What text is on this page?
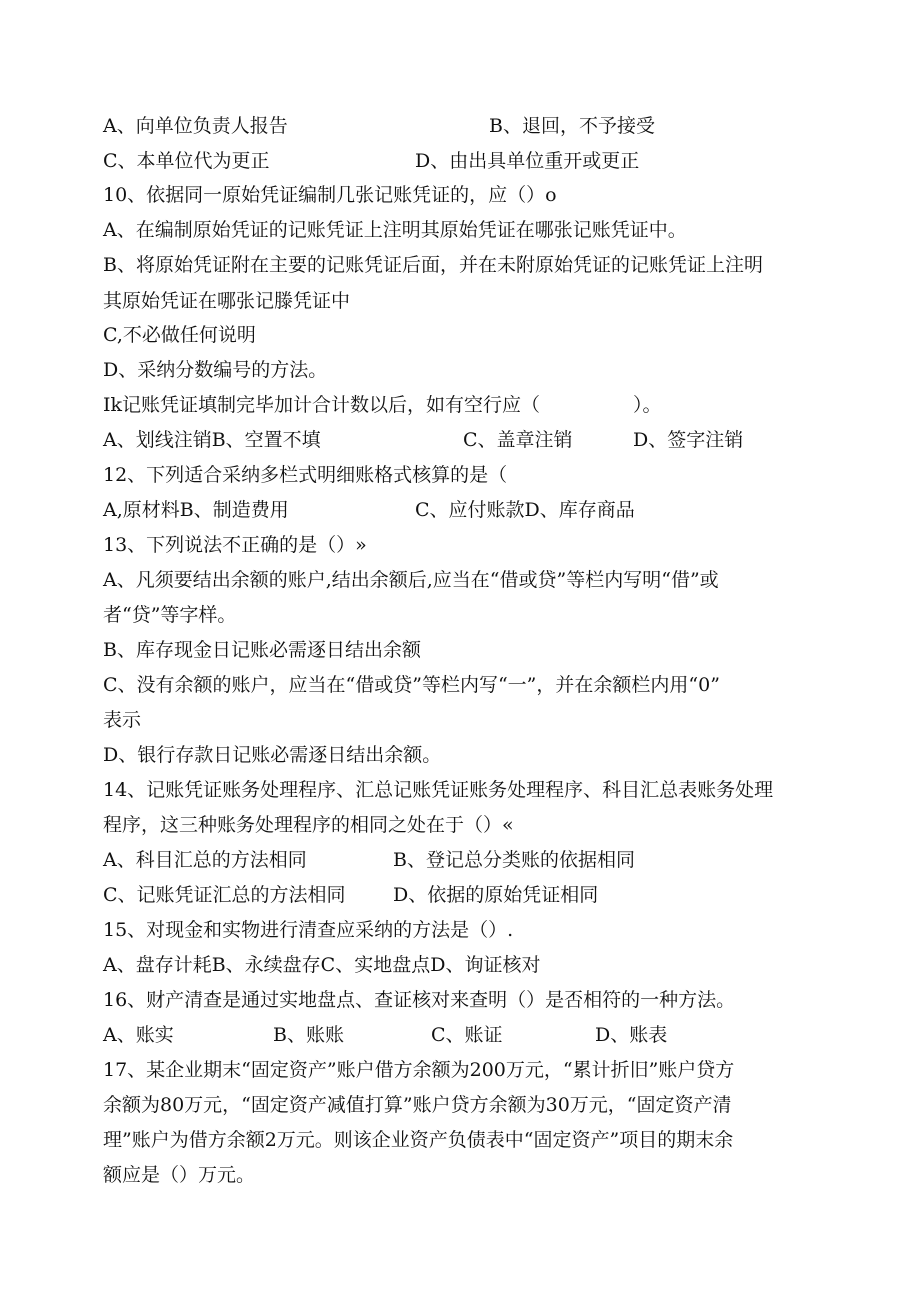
A、向单位负责人报告	B、退回，不予接受
C、本单位代为更正	D、由出具单位重开或更正
10、依据同一原始凭证编制几张记账凭证的，应（）o
A、在编制原始凭证的记账凭证上注明其原始凭证在哪张记账凭证中。
B、将原始凭证附在主要的记账凭证后面，并在未附原始凭证的记账凭证上注明
其原始凭证在哪张记滕凭证中
C,不必做任何说明
D、采纳分数编号的方法。
Ik记账凭证填制完毕加计合计数以后，如有空行应（	）。
A、划线注销B、空置不填	C、盖章注销	D、签字注销
12、下列适合采纳多栏式明细账格式核算的是（
A,原材料B、制造费用	C、应付账款D、库存商品
13、下列说法不正确的是（）»
A、凡须要结出余额的账户,结出余额后,应当在“借或贷”等栏内写明“借”或
者“贷”等字样。
B、库存现金日记账必需逐日结出余额
C、没有余额的账户，应当在“借或贷”等栏内写“一”，并在余额栏内用“0”
表示
D、银行存款日记账必需逐日结出余额。
14、记账凭证账务处理程序、汇总记账凭证账务处理程序、科目汇总表账务处理
程序，这三种账务处理程序的相同之处在于（）«
A、科目汇总的方法相同	B、登记总分类账的依据相同
C、记账凭证汇总的方法相同 D、依据的原始凭证相同
15、对现金和实物进行清查应采纳的方法是（）.
A、盘存计耗B、永续盘存C、实地盘点D、询证核对
16、财产清查是通过实地盘点、查证核对来查明（）是否相符的一种方法。
A、账实	B、账账	C、账证	D、账表
17、某企业期末“固定资产”账户借方余额为200万元，“累计折旧”账户贷方
余额为80万元，“固定资产减值打算”账户贷方余额为30万元，“固定资产清
理”账户为借方余额2万元。则该企业资产负债表中“固定资产”项目的期末余
额应是（）万元。
